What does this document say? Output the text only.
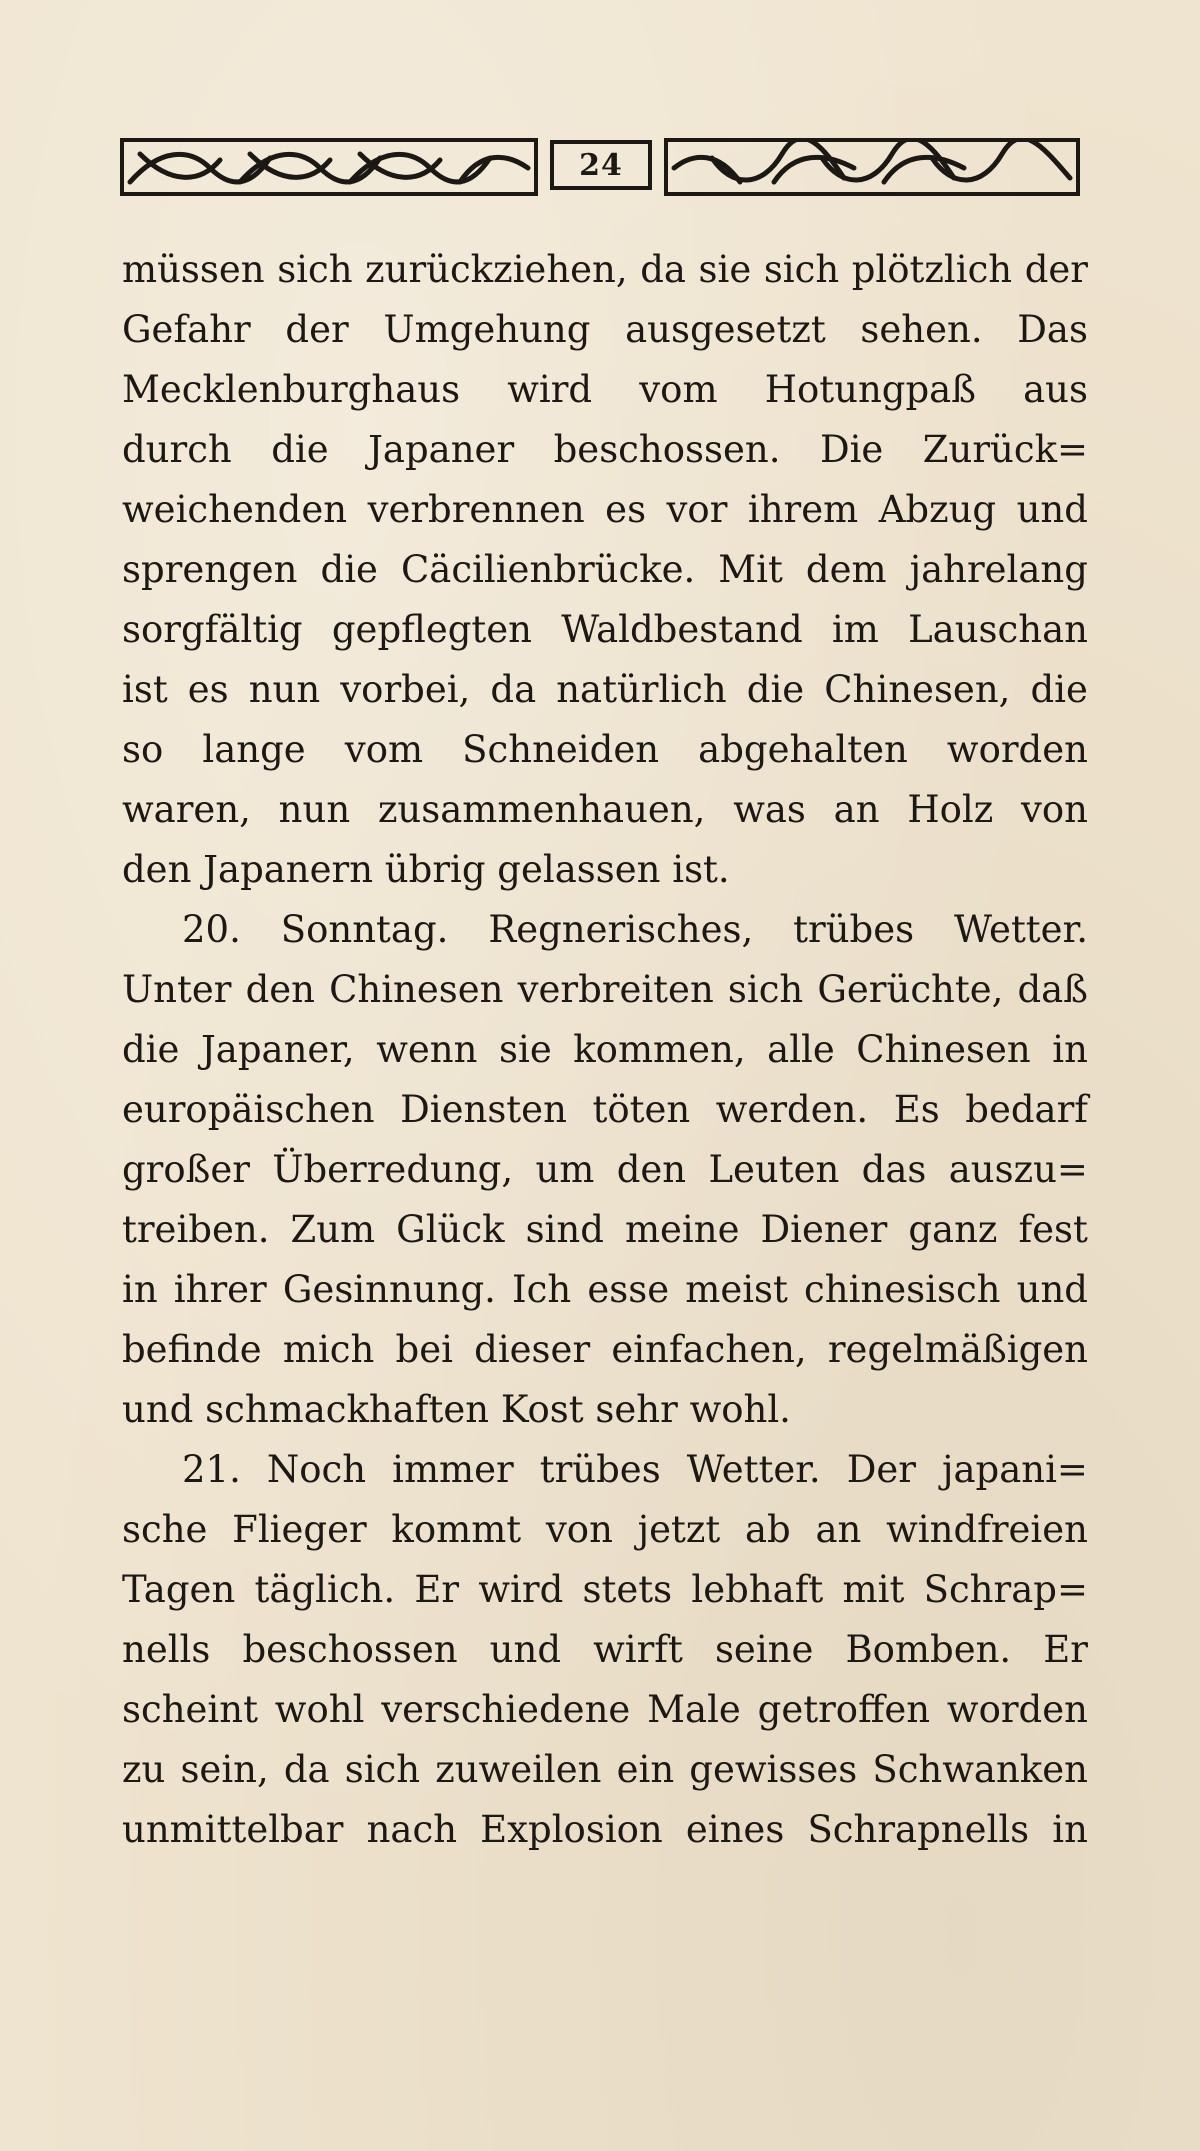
24
müssen sich zurückziehen, da sie sich plötzlich der
Gefahr der Umgehung ausgesetzt sehen. Das
Mecklenburghaus wird vom Hotungpaß aus
durch die Japaner beschossen. Die Zurück=
weichenden verbrennen es vor ihrem Abzug und
sprengen die Cäcilienbrücke. Mit dem jahrelang
sorgfältig gepflegten Waldbestand im Lauschan
ist es nun vorbei, da natürlich die Chinesen, die
so lange vom Schneiden abgehalten worden
waren, nun zusammenhauen, was an Holz von
den Japanern übrig gelassen ist.
20. Sonntag. Regnerisches, trübes Wetter.
Unter den Chinesen verbreiten sich Gerüchte, daß
die Japaner, wenn sie kommen, alle Chinesen in
europäischen Diensten töten werden. Es bedarf
großer Überredung, um den Leuten das auszu=
treiben. Zum Glück sind meine Diener ganz fest
in ihrer Gesinnung. Ich esse meist chinesisch und
befinde mich bei dieser einfachen, regelmäßigen
und schmackhaften Kost sehr wohl.
21. Noch immer trübes Wetter. Der japani=
sche Flieger kommt von jetzt ab an windfreien
Tagen täglich. Er wird stets lebhaft mit Schrap=
nells beschossen und wirft seine Bomben. Er
scheint wohl verschiedene Male getroffen worden
zu sein, da sich zuweilen ein gewisses Schwanken
unmittelbar nach Explosion eines Schrapnells in
